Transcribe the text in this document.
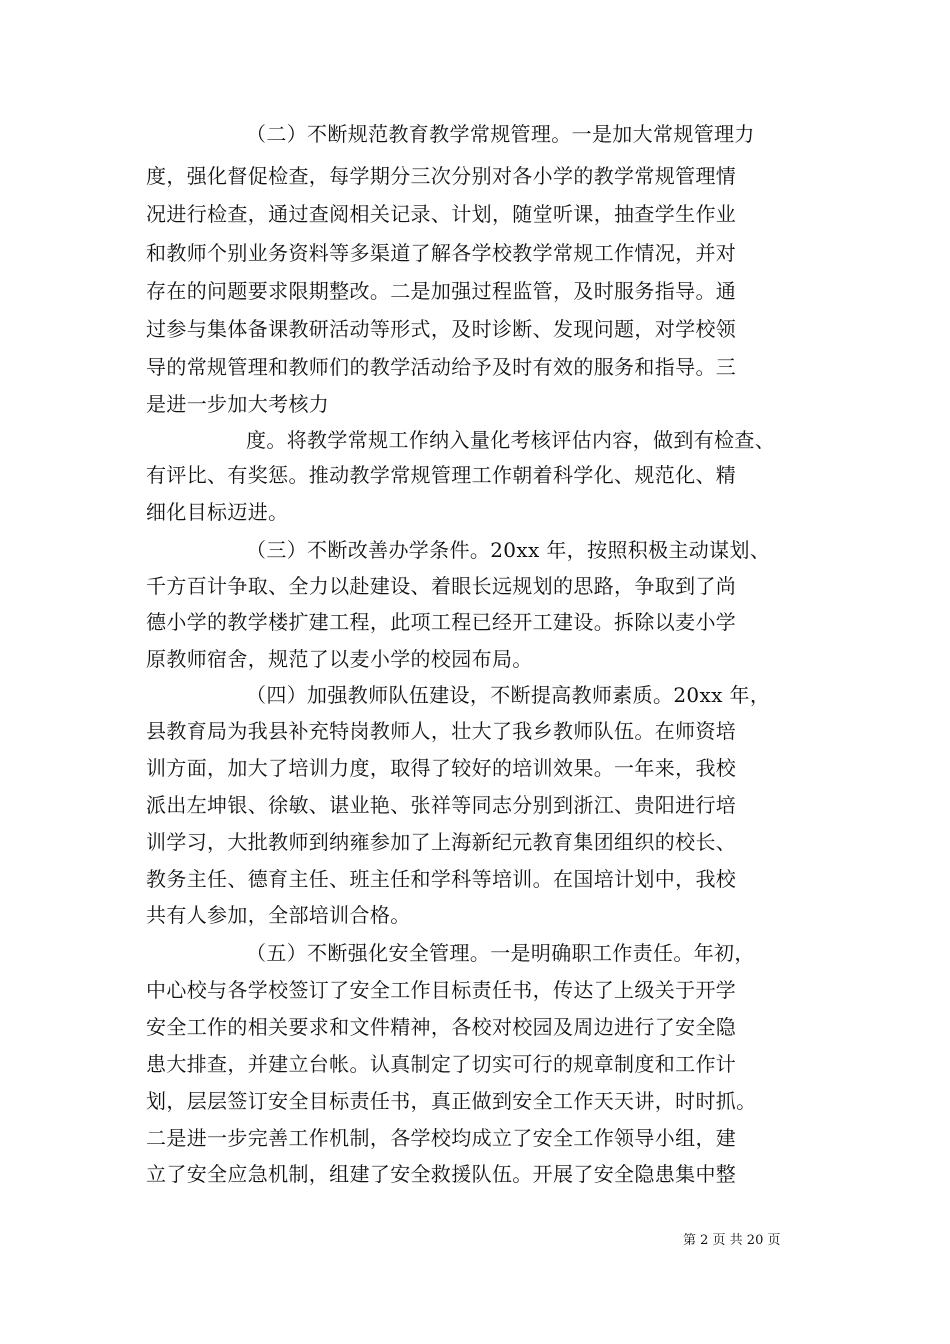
（二）不断规范教育教学常规管理。一是加大常规管理力
度，强化督促检查，每学期分三次分别对各小学的教学常规管理情
况进行检查，通过查阅相关记录、计划，随堂听课，抽查学生作业
和教师个别业务资料等多渠道了解各学校教学常规工作情况，并对
存在的问题要求限期整改。二是加强过程监管，及时服务指导。通
过参与集体备课教研活动等形式，及时诊断、发现问题，对学校领
导的常规管理和教师们的教学活动给予及时有效的服务和指导。三
是进一步加大考核力
度。将教学常规工作纳入量化考核评估内容，做到有检查、
有评比、有奖惩。推动教学常规管理工作朝着科学化、规范化、精
细化目标迈进。
（三）不断改善办学条件。20xx 年，按照积极主动谋划、
千方百计争取、全力以赴建设、着眼长远规划的思路，争取到了尚
德小学的教学楼扩建工程，此项工程已经开工建设。拆除以麦小学
原教师宿舍，规范了以麦小学的校园布局。
（四）加强教师队伍建设，不断提高教师素质。20xx 年，
县教育局为我县补充特岗教师人，壮大了我乡教师队伍。在师资培
训方面，加大了培训力度，取得了较好的培训效果。一年来，我校
派出左坤银、徐敏、谌业艳、张祥等同志分别到浙江、贵阳进行培
训学习，大批教师到纳雍参加了上海新纪元教育集团组织的校长、
教务主任、德育主任、班主任和学科等培训。在国培计划中，我校
共有人参加，全部培训合格。
（五）不断强化安全管理。一是明确职工作责任。年初，
中心校与各学校签订了安全工作目标责任书，传达了上级关于开学
安全工作的相关要求和文件精神，各校对校园及周边进行了安全隐
患大排查，并建立台帐。认真制定了切实可行的规章制度和工作计
划，层层签订安全目标责任书，真正做到安全工作天天讲，时时抓。
二是进一步完善工作机制，各学校均成立了安全工作领导小组，建
立了安全应急机制，组建了安全救援队伍。开展了安全隐患集中整
第 2 页 共 20 页
